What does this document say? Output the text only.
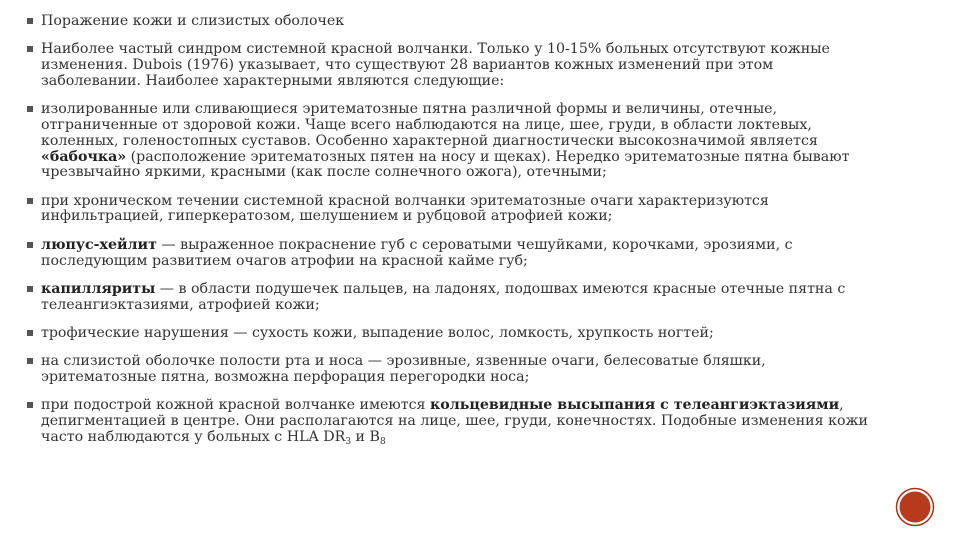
Поражение кожи и слизистых оболочек
Наиболее частый синдром системной красной волчанки. Только у 10-15% больных отсутствуют кожные изменения. Dubois (1976) указывает, что существуют 28 вариантов кожных изменений при этом заболевании. Наиболее характерными являются следующие:
изолированные или сливающиеся эритематозные пятна различной формы и величины, отечные, отграниченные от здоровой кожи. Чаще всего наблюдаются на лице, шее, груди, в области локтевых, коленных, голеностопных суставов. Особенно характерной диагностически высокозначимой является «бабочка» (расположение эритематозных пятен на носу и щеках). Нередко эритематозные пятна бывают чрезвычайно яркими, красными (как после солнечного ожога), отечными;
при хроническом течении системной красной волчанки эритематозные очаги характеризуются инфильтрацией, гиперкератозом, шелушением и рубцовой атрофией кожи;
люпус-хейлит — выраженное покраснение губ с сероватыми чешуйками, корочками, эрозиями, с последующим развитием очагов атрофии на красной кайме губ;
капилляриты — в области подушечек пальцев, на ладонях, подошвах имеются красные отечные пятна с телеангиэктазиями, атрофией кожи;
трофические нарушения — сухость кожи, выпадение волос, ломкость, хрупкость ногтей;
на слизистой оболочке полости рта и носа — эрозивные, язвенные очаги, белесоватые бляшки, эритематозные пятна, возможна перфорация перегородки носа;
при подострой кожной красной волчанке имеются кольцевидные высыпания с телеангиэктазиями, депигментацией в центре. Они располагаются на лице, шее, груди, конечностях. Подобные изменения кожи часто наблюдаются у больных с HLA $DR_3$ и $B_8$
